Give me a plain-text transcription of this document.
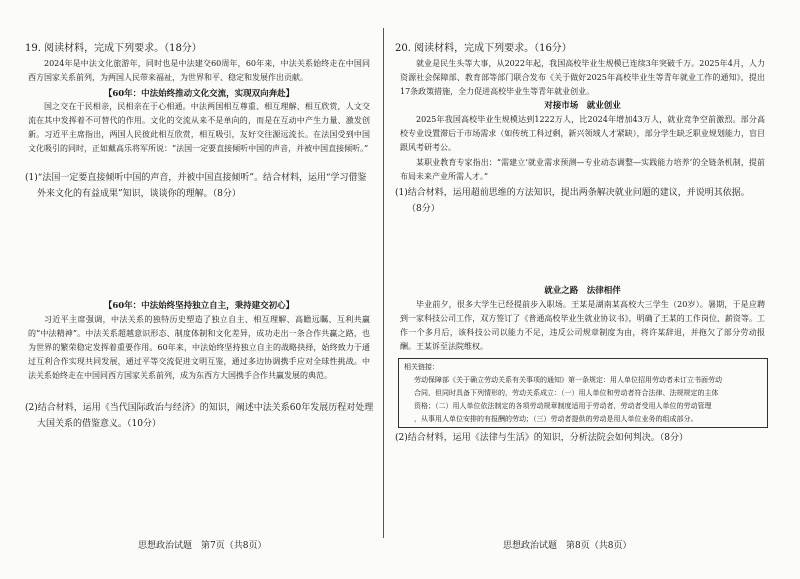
19. 阅读材料，完成下列要求。（18分）

2024年是中法文化旅游年，同时也是中法建交60周年，60年来，中法关系始终走在中国同西方国家关系前列，为两国人民带来福祉，为世界和平、稳定和发展作出贡献。

【60年：中法始终推动文化交流，实现双向奔赴】

国之交在于民相亲，民相亲在于心相通。中法两国相互尊重、相互理解、相互欣赏，人文交流在其中发挥着不可替代的作用。文化的交流从来不是单向的，而是在互动中产生力量、激发创新。习近平主席指出，两国人民彼此相互欣赏，相互吸引，友好交往源远流长。在法国受到中国文化吸引的同时，正如戴高乐将军所说：“法国一定要直接倾听中国的声音，并被中国直接倾听。”

(1)“法国一定要直接倾听中国的声音，并被中国直接倾听”。结合材料，运用“学习借鉴
外来文化的有益成果”知识，谈谈你的理解。（8分）

【60年：中法始终坚持独立自主，秉持建交初心】

习近平主席强调，中法关系的独特历史塑造了独立自主、相互理解、高瞻远瞩、互利共赢的“中法精神”。中法关系超越意识形态、制度体制和文化差异，成功走出一条合作共赢之路，也为世界的繁荣稳定发挥着重要作用。60年来，中法始终坚持独立自主的战略抉择，始终致力于通过互利合作实现共同发展，通过平等交流促进文明互鉴，通过多边协调携手应对全球性挑战。中法关系始终走在中国同西方国家关系前列，成为东西方大国携手合作共赢发展的典范。

(2)结合材料，运用《当代国际政治与经济》的知识，阐述中法关系60年发展历程对处理
大国关系的借鉴意义。（10分）

思想政治试题　第7页（共8页）
20. 阅读材料，完成下列要求。（16分）

就业是民生头等大事，从2022年起，我国高校毕业生规模已连续3年突破千万。2025年4月，人力资源社会保障部、教育部等部门联合发布《关于做好2025年高校毕业生等青年就业工作的通知》，提出17条政策措施，全力促进高校毕业生等青年就业创业。

对接市场　就业创业

2025年我国高校毕业生规模达到1222万人，比2024年增加43万人，就业竞争空前激烈。部分高校专业设置滞后于市场需求（如传统工科过剩，新兴领域人才紧缺），部分学生缺乏职业规划能力，盲目跟风考研考公。

某职业教育专家指出：“需建立‘就业需求预测—专业动态调整—实践能力培养’的全链条机制，提前布局未来产业所需人才。”

(1)结合材料，运用超前思维的方法知识，提出两条解决就业问题的建议，并说明其依据。
（8分）

就业之路　法律相伴

毕业前夕，很多大学生已经提前步入职场。王某是湖南某高校大三学生（20岁）。暑期，于是应聘到一家科技公司工作，双方签订了《普通高校毕业生就业协议书》，明确了王某的工作岗位、薪资等。工作一个多月后，该科技公司以能力不足，违反公司规章制度为由，将许某辞退，并拖欠了部分劳动报酬。王某诉至法院维权。

相关链接：
劳动保障部《关于确立劳动关系有关事项的通知》第一条规定：用人单位招用劳动者未订立书面劳动
合同，但同时具备下列情形的，劳动关系成立：（一）用人单位和劳动者符合法律、法规规定的主体
资格；（二）用人单位依法制定的各项劳动规章制度适用于劳动者，劳动者受用人单位的劳动管理
，从事用人单位安排的有报酬的劳动；（三）劳动者提供的劳动是用人单位业务的组成部分。

(2)结合材料，运用《法律与生活》的知识，分析法院会如何判决。（8分）

思想政治试题　第8页（共8页）
